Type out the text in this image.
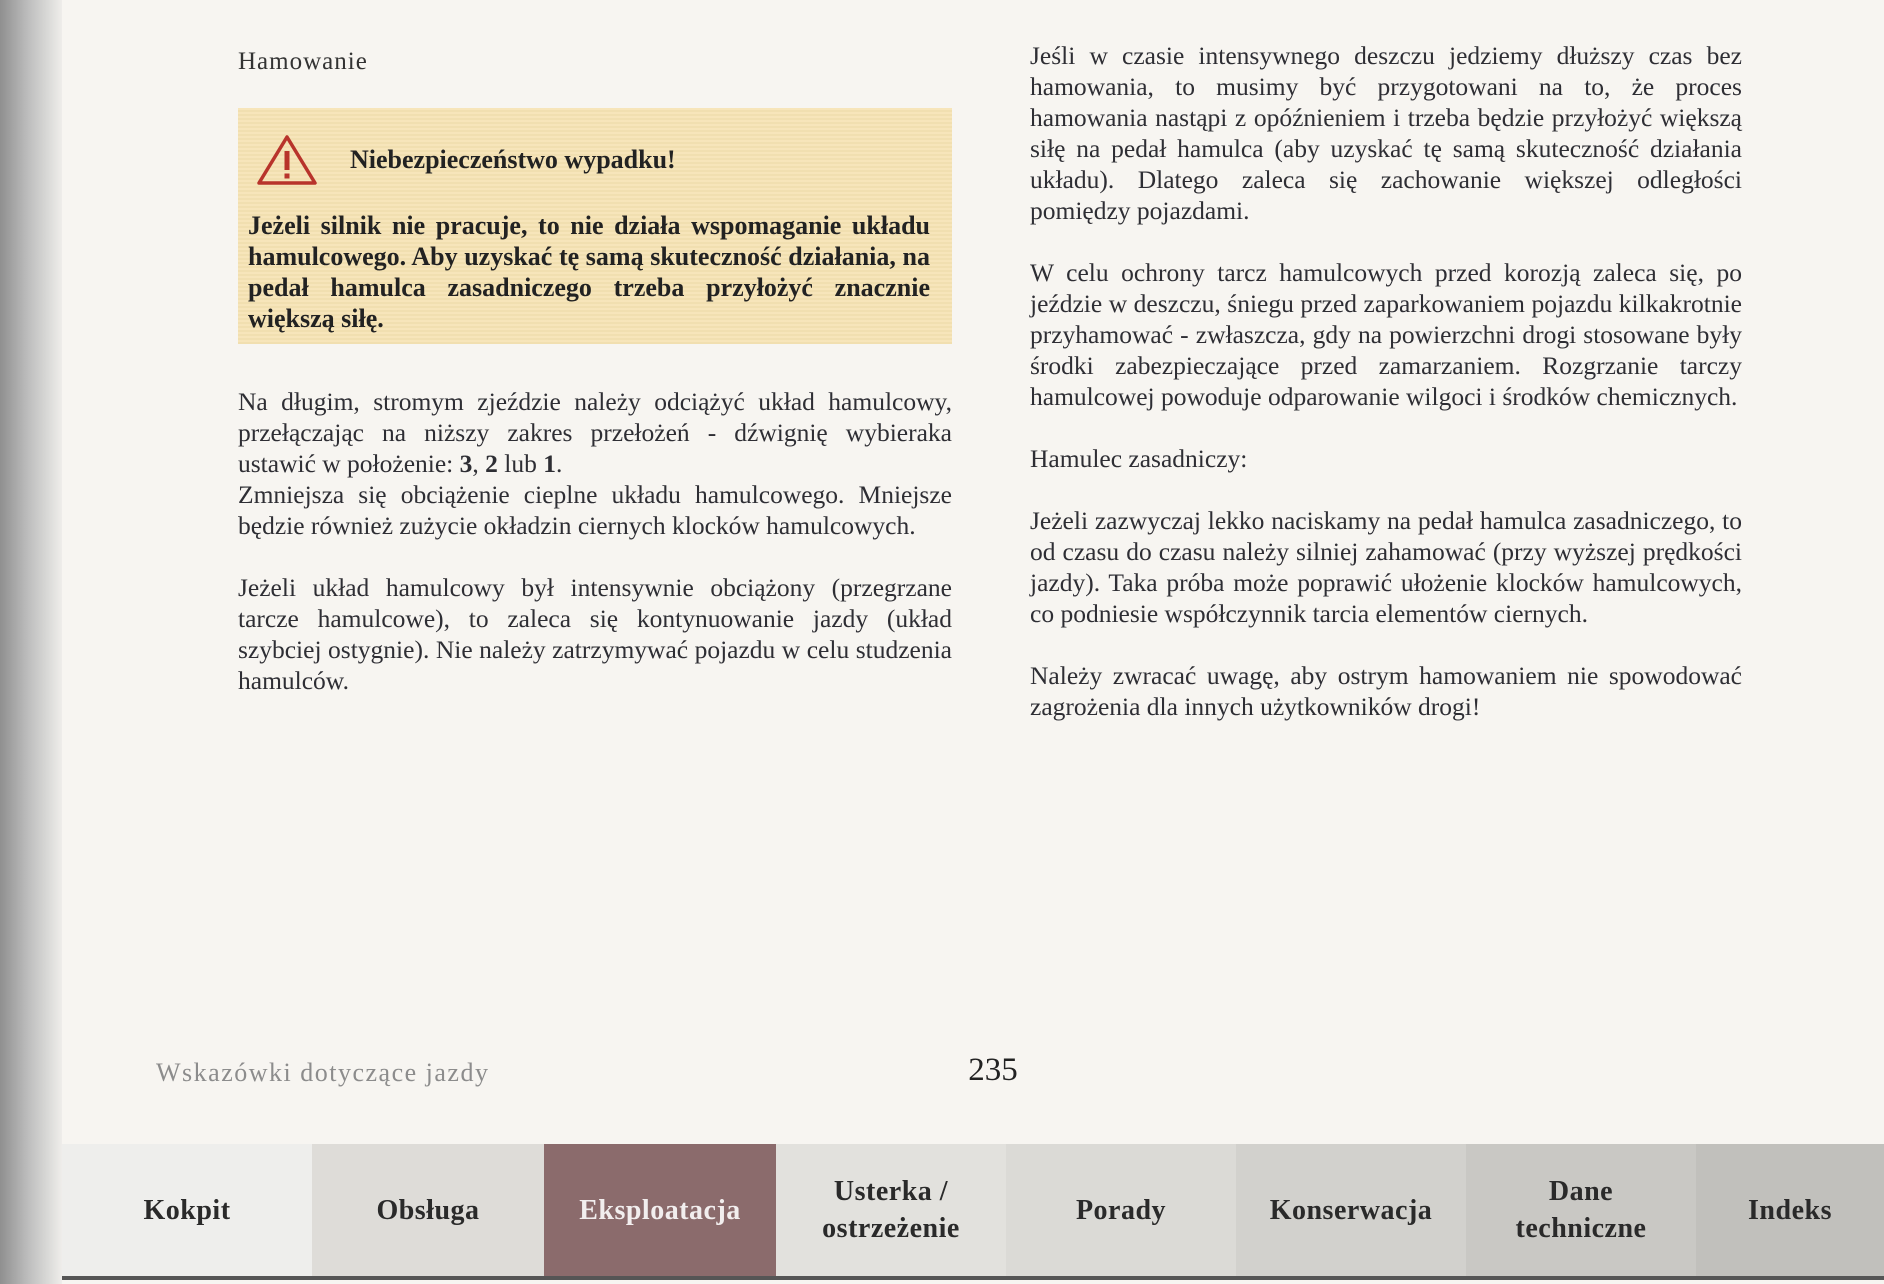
Hamowanie
Niebezpieczeństwo wypadku!
Jeżeli silnik nie pracuje, to nie działa wspomaganie układu hamulcowego. Aby uzyskać tę samą skuteczność działania, na pedał hamulca zasadniczego trzeba przyłożyć znacznie większą siłę.

Na długim, stromym zjeździe należy odciążyć układ hamulcowy, przełączając na niższy zakres przełożeń - dźwignię wybieraka ustawić w położenie: 3, 2 lub 1.

Zmniejsza się obciążenie cieplne układu hamulcowego. Mniejsze będzie również zużycie okładzin ciernych klocków hamulcowych.

Jeżeli układ hamulcowy był intensywnie obciążony (przegrzane tarcze hamulcowe), to zaleca się kontynuowanie jazdy (układ szybciej ostygnie). Nie należy zatrzymywać pojazdu w celu studzenia hamulców.

Jeśli w czasie intensywnego deszczu jedziemy dłuższy czas bez hamowania, to musimy być przygotowani na to, że proces hamowania nastąpi z opóźnieniem i trzeba będzie przyłożyć większą siłę na pedał hamulca (aby uzyskać tę samą skuteczność działania układu). Dlatego zaleca się zachowanie większej odległości pomiędzy pojazdami.

W celu ochrony tarcz hamulcowych przed korozją zaleca się, po jeździe w deszczu, śniegu przed zaparkowaniem pojazdu kilkakrotnie przyhamować - zwłaszcza, gdy na powierzchni drogi stosowane były środki zabezpieczające przed zamarzaniem. Rozgrzanie tarczy hamulcowej powoduje odparowanie wilgoci i środków chemicznych.

Hamulec zasadniczy:

Jeżeli zazwyczaj lekko naciskamy na pedał hamulca zasadniczego, to od czasu do czasu należy silniej zahamować (przy wyższej prędkości jazdy). Taka próba może poprawić ułożenie klocków hamulcowych, co podniesie współczynnik tarcia elementów ciernych.

Należy zwracać uwagę, aby ostrym hamowaniem nie spowodować zagrożenia dla innych użytkowników drogi!

Wskazówki dotyczące jazdy	235
Kokpit	Obsługa	Eksploatacja
Usterka /
ostrzeżenie
Porady	Konserwacja
Dane
techniczne
Indeks
